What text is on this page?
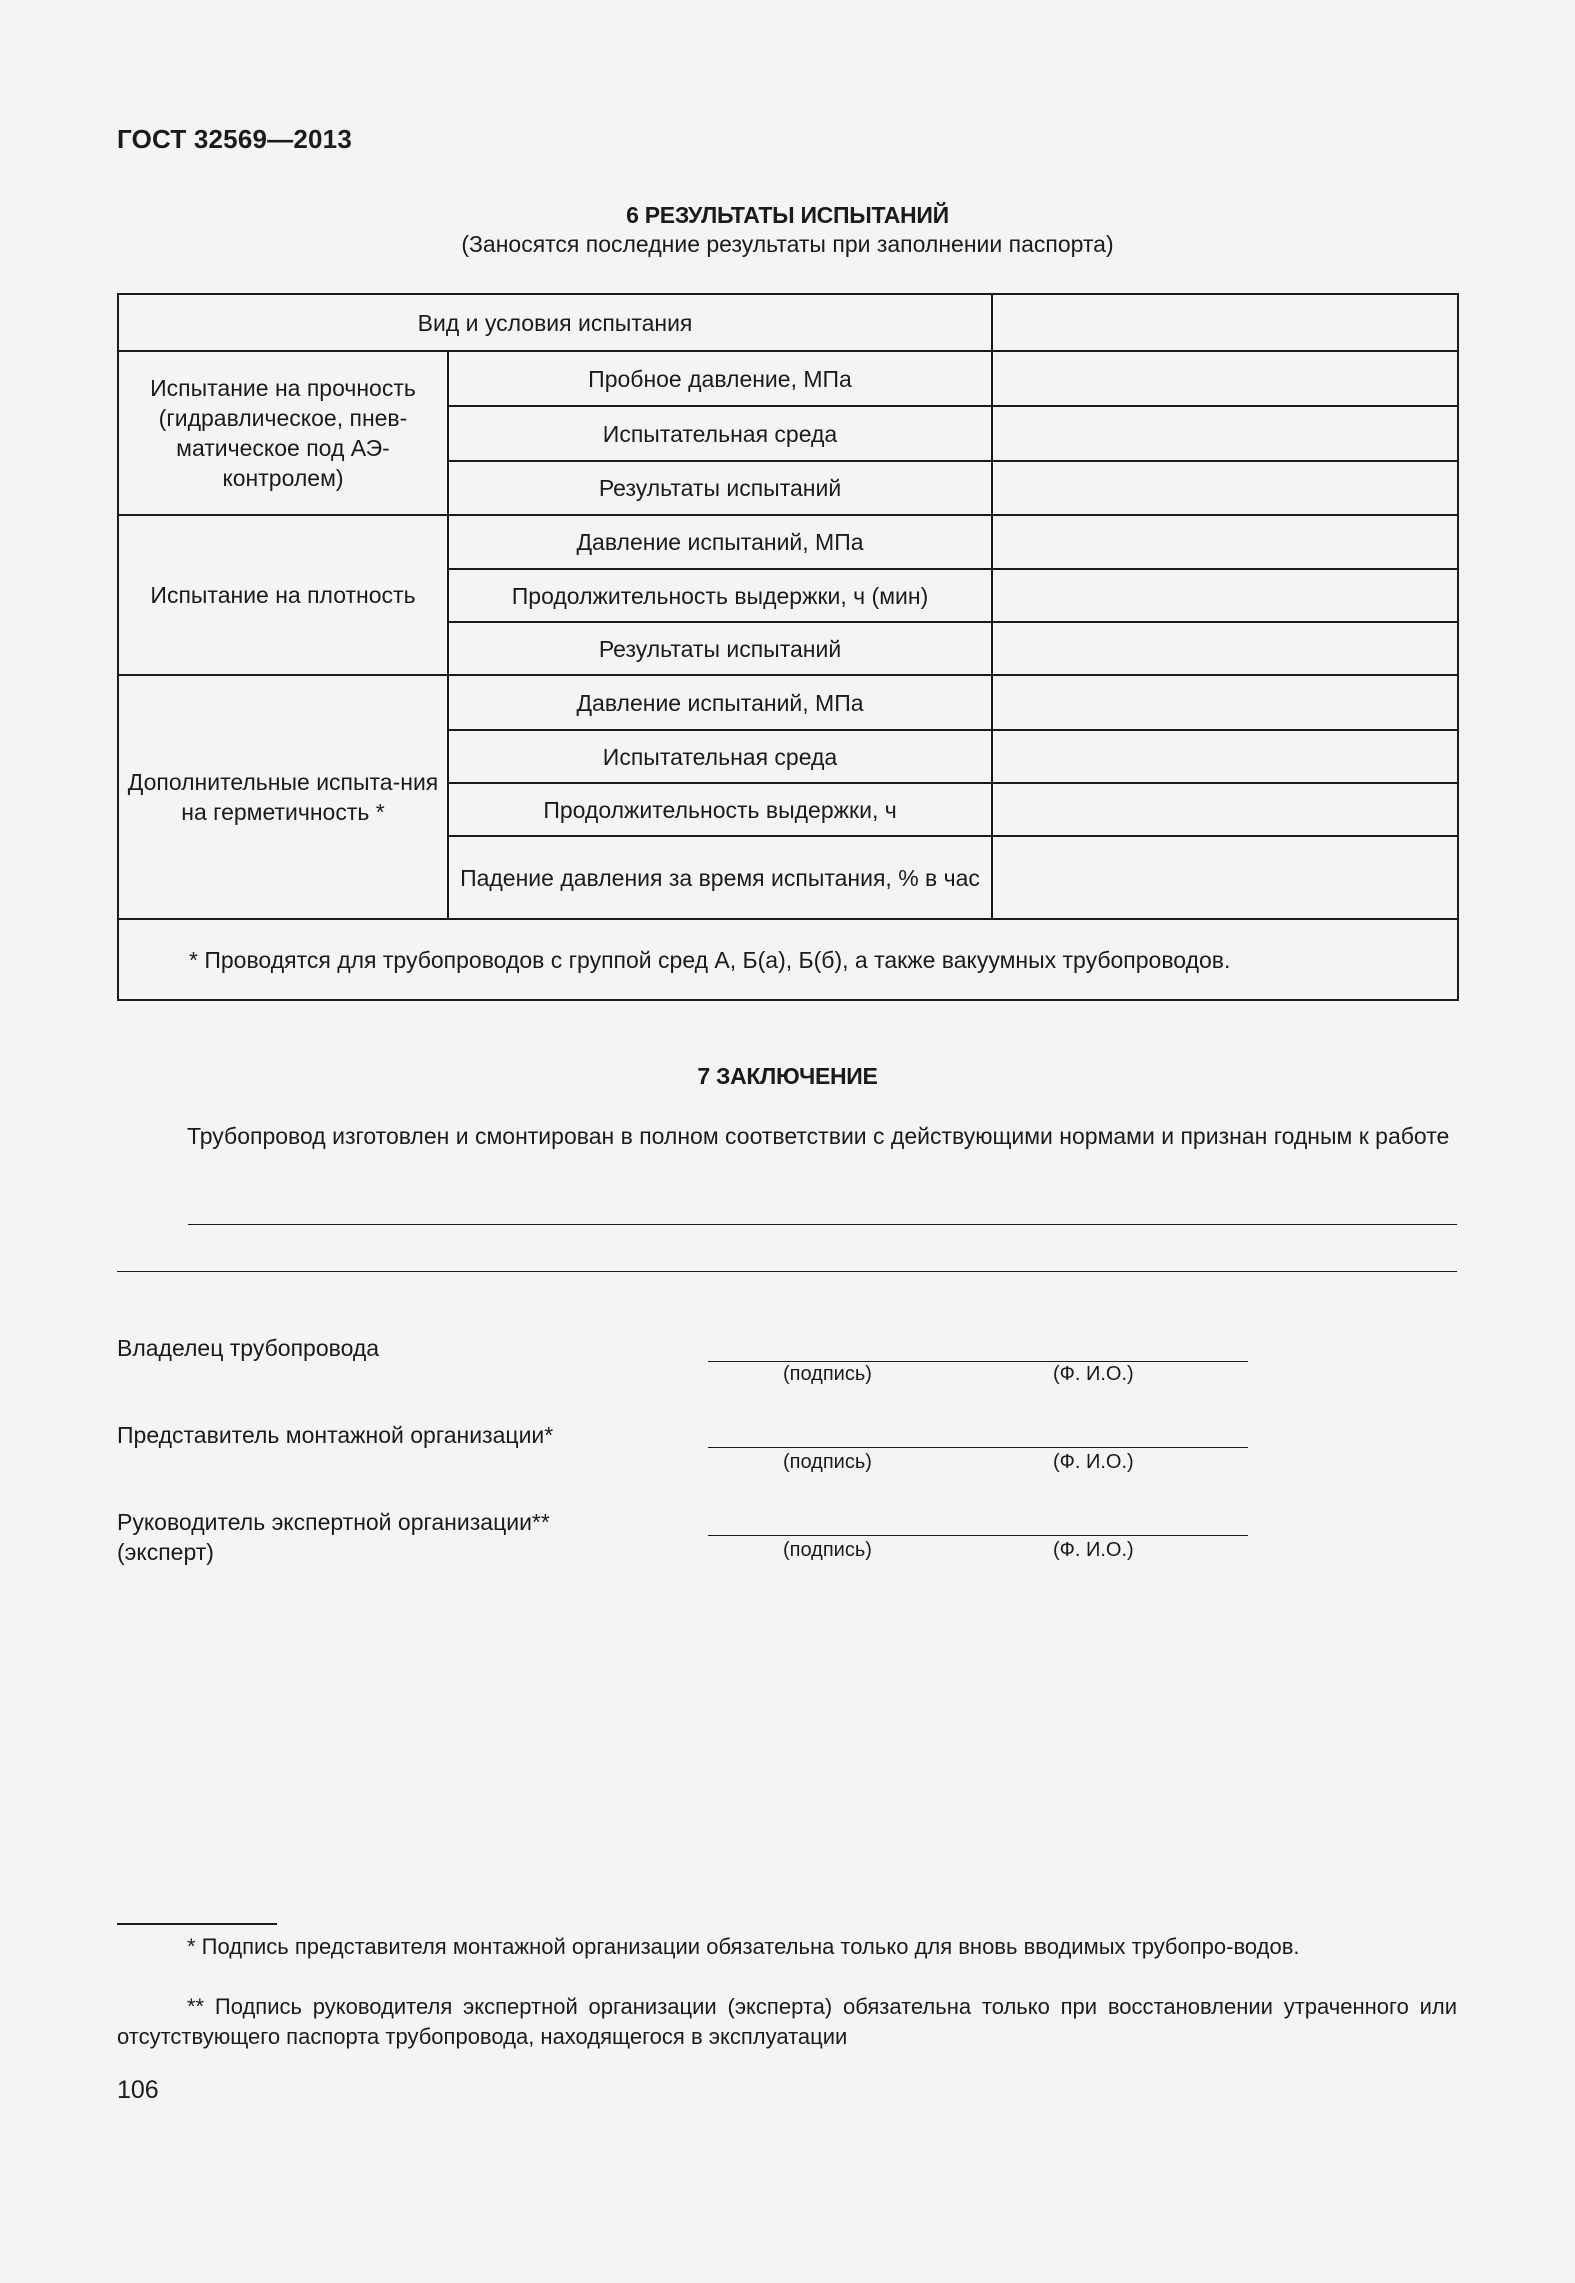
ГОСТ 32569—2013
6 РЕЗУЛЬТАТЫ ИСПЫТАНИЙ
(Заносятся последние результаты при заполнении паспорта)
Вид и условия испытания		
Испытание на прочность (гидравлическое, пнев-матическое под АЭ-контролем)	Пробное давление, МПа	
	Испытательная среда	
	Результаты испытаний	
Испытание на плотность	Давление испытаний, МПа	
	Продолжительность выдержки, ч (мин)	
	Результаты испытаний	
Дополнительные испыта-ния на герметичность *	Давление испытаний, МПа	
	Испытательная среда	
	Продолжительность выдержки, ч	
	Падение давления за время испытания, % в час	
* Проводятся для трубопроводов с группой сред А, Б(а), Б(б), а также вакуумных трубопроводов.		
7 ЗАКЛЮЧЕНИЕ
Трубопровод изготовлен и смонтирован в полном соответствии с действующими нормами и признан годным к работе
Владелец трубопровода
(подпись)	(Ф. И.О.)
Представитель монтажной организации*
(подпись)	(Ф. И.О.)
Руководитель экспертной организации**
(эксперт)	(подпись)	(Ф. И.О.)
* Подпись представителя монтажной организации обязательна только для вновь вводимых трубопро-водов.
** Подпись руководителя экспертной организации (эксперта) обязательна только при восстановлении утраченного или отсутствующего паспорта трубопровода, находящегося в эксплуатации
106
